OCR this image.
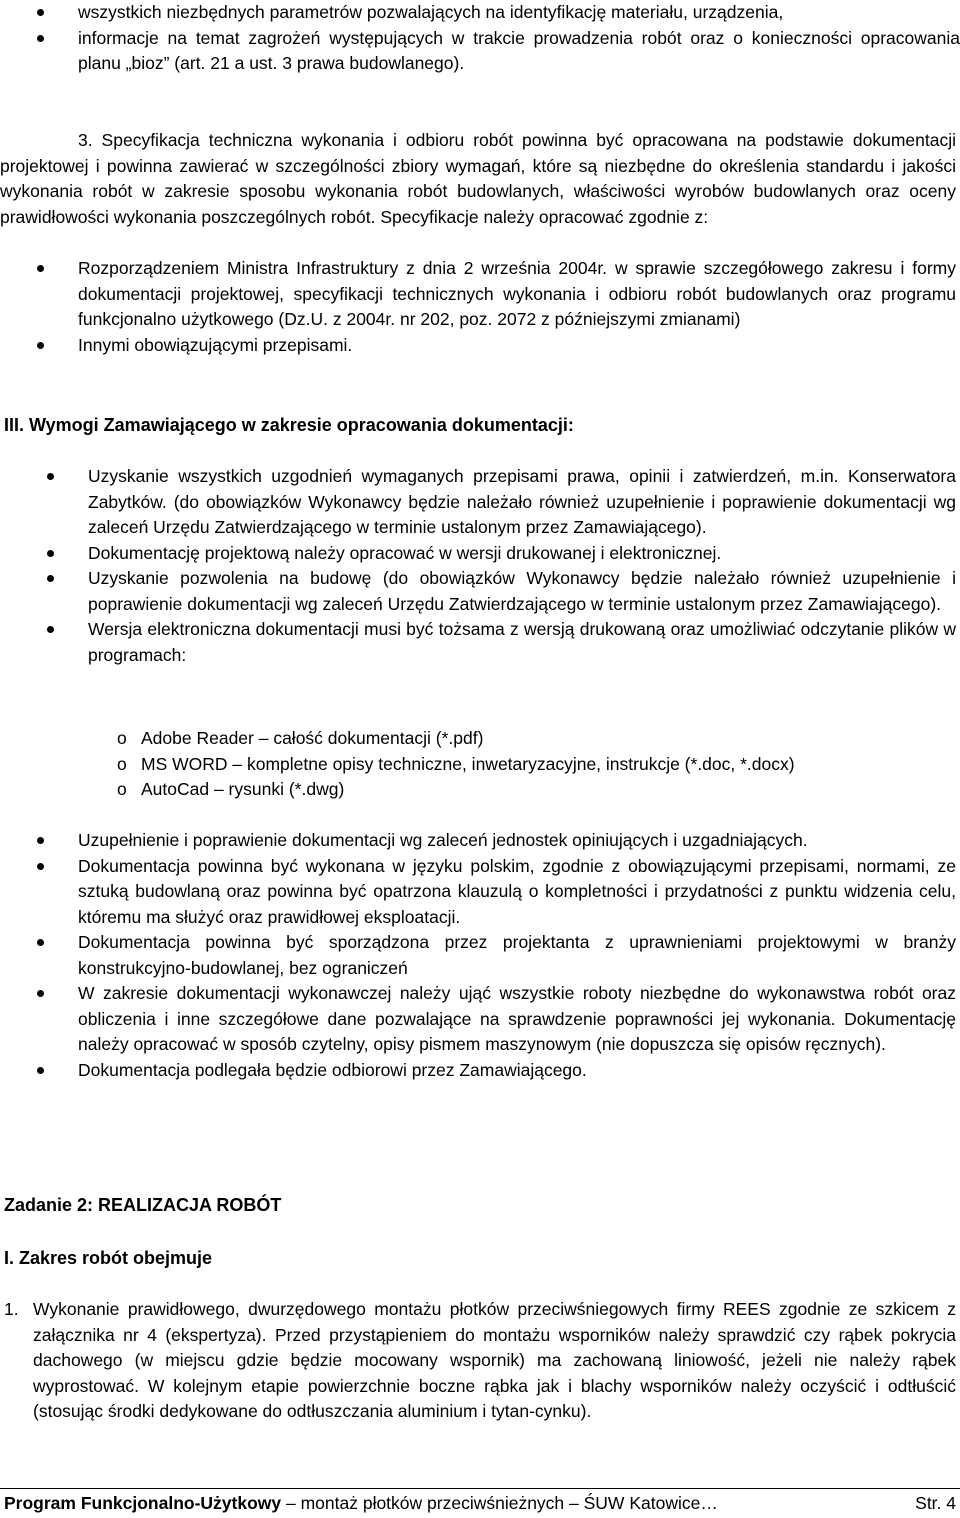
wszystkich niezbędnych parametrów pozwalających na identyfikację materiału, urządzenia,
informacje na temat zagrożeń występujących w trakcie prowadzenia robót oraz o konieczności opracowania planu „bioz” (art. 21 a ust. 3 prawa budowlanego).

3. Specyfikacja techniczna wykonania i odbioru robót powinna być opracowana na podstawie dokumentacji projektowej i powinna zawierać w szczególności zbiory wymagań, które są niezbędne do określenia standardu i jakości wykonania robót w zakresie sposobu wykonania robót budowlanych, właściwości wyrobów budowlanych oraz oceny prawidłowości wykonania poszczególnych robót. Specyfikacje należy opracować zgodnie z:

Rozporządzeniem Ministra Infrastruktury z dnia 2 września 2004r. w sprawie szczegółowego zakresu i formy dokumentacji projektowej, specyfikacji technicznych wykonania i odbioru robót budowlanych oraz programu funkcjonalno użytkowego (Dz.U. z 2004r. nr 202, poz. 2072 z późniejszymi zmianami)
Innymi obowiązującymi przepisami.
III. Wymogi Zamawiającego w zakresie opracowania dokumentacji:
Uzyskanie wszystkich uzgodnień wymaganych przepisami prawa, opinii i zatwierdzeń, m.in. Konserwatora Zabytków. (do obowiązków Wykonawcy będzie należało również uzupełnienie i poprawienie dokumentacji wg zaleceń Urzędu Zatwierdzającego w terminie ustalonym przez Zamawiającego).
Dokumentację projektową należy opracować w wersji drukowanej i elektronicznej.
Uzyskanie pozwolenia na budowę (do obowiązków Wykonawcy będzie należało również uzupełnienie i poprawienie dokumentacji wg zaleceń Urzędu Zatwierdzającego w terminie ustalonym przez Zamawiającego).
Wersja elektroniczna dokumentacji musi być tożsama z wersją drukowaną oraz umożliwiać odczytanie plików w programach:
o Adobe Reader – całość dokumentacji (*.pdf)
o MS WORD – kompletne opisy techniczne, inwetaryzacyjne, instrukcje (*.doc, *.docx)
o AutoCad – rysunki (*.dwg)
Uzupełnienie i poprawienie dokumentacji wg zaleceń jednostek opiniujących i uzgadniających.
Dokumentacja powinna być wykonana w języku polskim, zgodnie z obowiązującymi przepisami, normami, ze sztuką budowlaną oraz powinna być opatrzona klauzulą o kompletności i przydatności z punktu widzenia celu, któremu ma służyć oraz prawidłowej eksploatacji.
Dokumentacja powinna być sporządzona przez projektanta z uprawnieniami projektowymi w branży konstrukcyjno-budowlanej, bez ograniczeń
W zakresie dokumentacji wykonawczej należy ująć wszystkie roboty niezbędne do wykonawstwa robót oraz obliczenia i inne szczegółowe dane pozwalające na sprawdzenie poprawności jej wykonania. Dokumentację należy opracować w sposób czytelny, opisy pismem maszynowym (nie dopuszcza się opisów ręcznych).
Dokumentacja podlegała będzie odbiorowi przez Zamawiającego.
Zadanie 2: REALIZACJA ROBÓT
I. Zakres robót obejmuje
1. Wykonanie prawidłowego, dwurzędowego montażu płotków przeciwśniegowych firmy REES zgodnie ze szkicem z załącznika nr 4 (ekspertyza). Przed przystąpieniem do montażu wsporników należy sprawdzić czy rąbek pokrycia dachowego (w miejscu gdzie będzie mocowany wspornik) ma zachowaną liniowość, jeżeli nie należy rąbek wyprostować. W kolejnym etapie powierzchnie boczne rąbka jak i blachy wsporników należy oczyścić i odtłuścić (stosując środki dedykowane do odtłuszczania aluminium i tytan-cynku).

Program Funkcjonalno-Użytkowy – montaż płotków przeciwśnieżnych – ŚUW Katowice…	Str. 4
